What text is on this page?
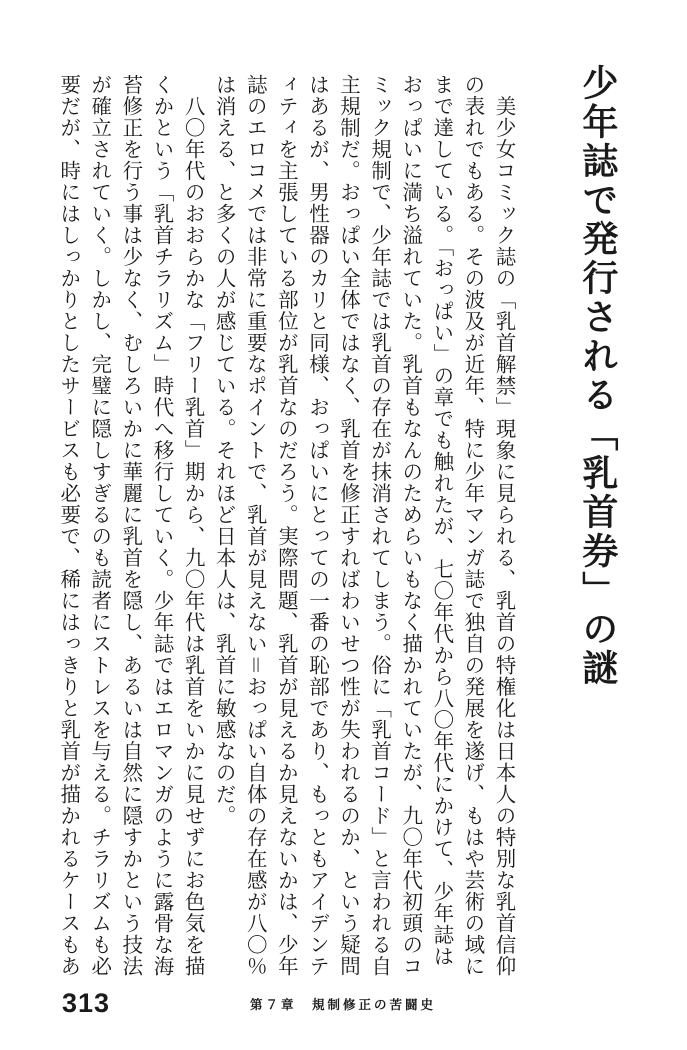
少年誌で発行される「乳首券」の謎
　美少女コミック誌の「乳首解禁」現象に見られる、乳首の特権化は日本人の特別な乳首信仰
の表れでもある。その波及が近年、特に少年マンガ誌で独自の発展を遂げ、もはや芸術の域に
まで達している。「おっぱい」の章でも触れたが、七〇年代から八〇年代にかけて、少年誌は
おっぱいに満ち溢れていた。乳首もなんのためらいもなく描かれていたが、九〇年代初頭のコ
ミック規制で、少年誌では乳首の存在が抹消されてしまう。俗に「乳首コード」と言われる自
主規制だ。おっぱい全体ではなく、乳首を修正すればわいせつ性が失われるのか、という疑問
はあるが、男性器のカリと同様、おっぱいにとっての一番の恥部であり、もっともアイデンテ
ィティを主張している部位が乳首なのだろう。実際問題、乳首が見えるか見えないかは、少年
誌のエロコメでは非常に重要なポイントで、乳首が見えない＝おっぱい自体の存在感が八〇％
は消える、と多くの人が感じている。それほど日本人は、乳首に敏感なのだ。
　八〇年代のおおらかな「フリー乳首」期から、九〇年代は乳首をいかに見せずにお色気を描
くかという「乳首チラリズム」時代へ移行していく。少年誌ではエロマンガのように露骨な海
苔修正を行う事は少なく、むしろいかに華麗に乳首を隠し、あるいは自然に隠すかという技法
が確立されていく。しかし、完璧に隠しすぎるのも読者にストレスを与える。チラリズムも必
要だが、時にはしっかりとしたサービスも必要で、稀にはっきりと乳首が描かれるケースもあ
313	第７章　規制修正の苦闘史
